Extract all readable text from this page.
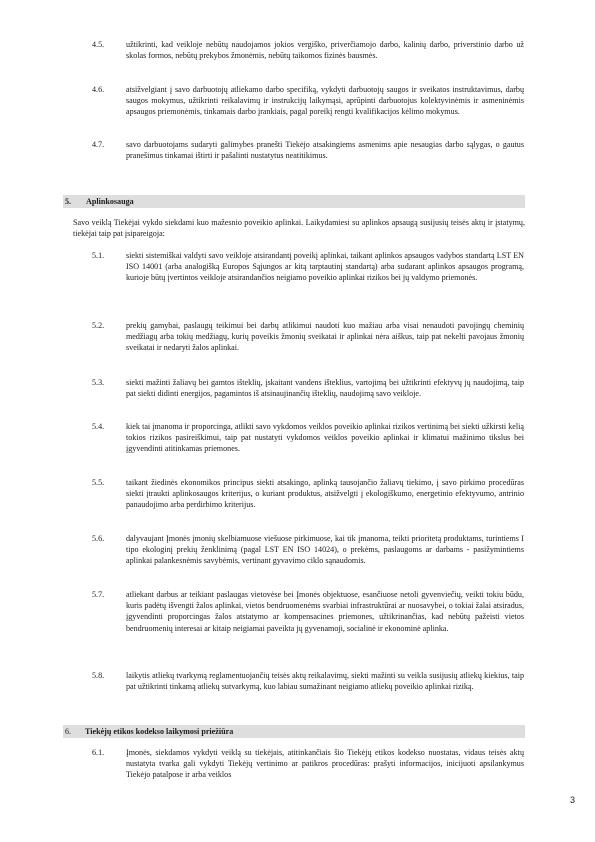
4.5.	užtikrinti, kad veikloje nebūtų naudojamos jokios vergiško, priverčiamojo darbo, kalinių darbo, priverstinio darbo už skolas formos, nebūtų prekybos žmonėmis, nebūtų taikomos fizinės bausmės.
4.6.	atsižvelgiant į savo darbuotojų atliekamo darbo specifiką, vykdyti darbuotojų saugos ir sveikatos instruktavimus, darbų saugos mokymus, užtikrinti reikalavimų ir instrukcijų laikymąsi, aprūpinti darbuotojus kolektyvinėmis ir asmeninėmis apsaugos priemonėmis, tinkamais darbo įrankiais, pagal poreikį rengti kvalifikacijos kėlimo mokymus.
4.7.	savo darbuotojams sudaryti galimybes pranešti Tiekėjo atsakingiems asmenims apie nesaugias darbo sąlygas, o gautus pranešimus tinkamai ištirti ir pašalinti nustatytus neatitikimus.
5. Aplinkosauga
Savo veiklą Tiekėjai vykdo siekdami kuo mažesnio poveikio aplinkai. Laikydamiesi su aplinkos apsaugą susijusių teisės aktų ir įstatymų, tiekėjai taip pat įsipareigoja:
5.1.	siekti sistemiškai valdyti savo veikloje atsirandantį poveikį aplinkai, taikant aplinkos apsaugos vadybos standartą LST EN ISO 14001 (arba analogišką Europos Sąjungos ar kitą tarptautinį standartą) arba sudarant aplinkos apsaugos programą, kurioje būtų įvertintos veikloje atsirandančios neigiamo poveikio aplinkai rizikos bei jų valdymo priemonės.
5.2.	prekių gamybai, paslaugų teikimui bei darbų atlikimui naudoti kuo mažiau arba visai nenaudoti pavojingų cheminių medžiagų arba tokių medžiagų, kurių poveikis žmonių sveikatai ir aplinkai nėra aiškus, taip pat nekelti pavojaus žmonių sveikatai ir nedaryti žalos aplinkai.
5.3.	siekti mažinti žaliavų bei gamtos išteklių, įskaitant vandens išteklius, vartojimą bei užtikrinti efektyvų jų naudojimą, taip pat siekti didinti energijos, pagamintos iš atsinaujinančių išteklių, naudojimą savo veikloje.
5.4.	kiek tai įmanoma ir proporcinga, atlikti savo vykdomos veiklos poveikio aplinkai rizikos vertinimą bei siekti užkirsti kelią tokios rizikos pasireiškimui, taip pat nustatyti vykdomos veiklos poveikio aplinkai ir klimatui mažinimo tikslus bei įgyvendinti atitinkamas priemones.
5.5.	taikant žiedinės ekonomikos principus siekti atsakingo, aplinką tausojančio žaliavų tiekimo, į savo pirkimo procedūras siekti įtraukti aplinkosaugos kriterijus, o kuriant produktus, atsižvelgti į ekologiškumo, energetinio efektyvumo, antrinio panaudojimo arba perdirbimo kriterijus.
5.6.	dalyvaujant Įmonės įmonių skelbiamuose viešuose pirkimuose, kai tik įmanoma, teikti prioritetą produktams, turintiems I tipo ekologinį prekių ženklinimą (pagal LST EN ISO 14024), o prekėms, paslaugoms ar darbams - pasižymintiems aplinkai palankesnėmis savybėmis, vertinant gyvavimo ciklo sąnaudomis.
5.7.	atliekant darbus ar teikiant paslaugas vietovėse bei Įmonės objektuose, esančiuose netoli gyvenviečių, veikti tokiu būdu, kuris padėtų išvengti žalos aplinkai, vietos bendruomenėms svarbiai infrastruktūrai ar nuosavybei, o tokiai žalai atsiradus, įgyvendinti proporcingas žalos atstatymo ar kompensacines priemones, užtikrinančias, kad nebūtų pažeisti vietos bendruomenių interesai ar kitaip neigiamai paveikta jų gyvenamoji, socialinė ir ekonominė aplinka.
5.8.	laikytis atliekų tvarkymą reglamentuojančių teisės aktų reikalavimų, siekti mažinti su veikla susijusių atliekų kiekius, taip pat užtikrinti tinkamą atliekų sutvarkymą, kuo labiau sumažinant neigiamo atliekų poveikio aplinkai riziką.
6. Tiekėjų etikos kodekso laikymosi priežiūra
6.1.	Įmonės, siekdamos vykdyti veiklą su tiekėjais, atitinkančiais šio Tiekėjų etikos kodekso nuostatas, vidaus teisės aktų nustatyta tvarka gali vykdyti Tiekėjų vertinimo ar patikros procedūras: prašyti informacijos, inicijuoti apsilankymus Tiekėjo patalpose ir arba veiklos
3
